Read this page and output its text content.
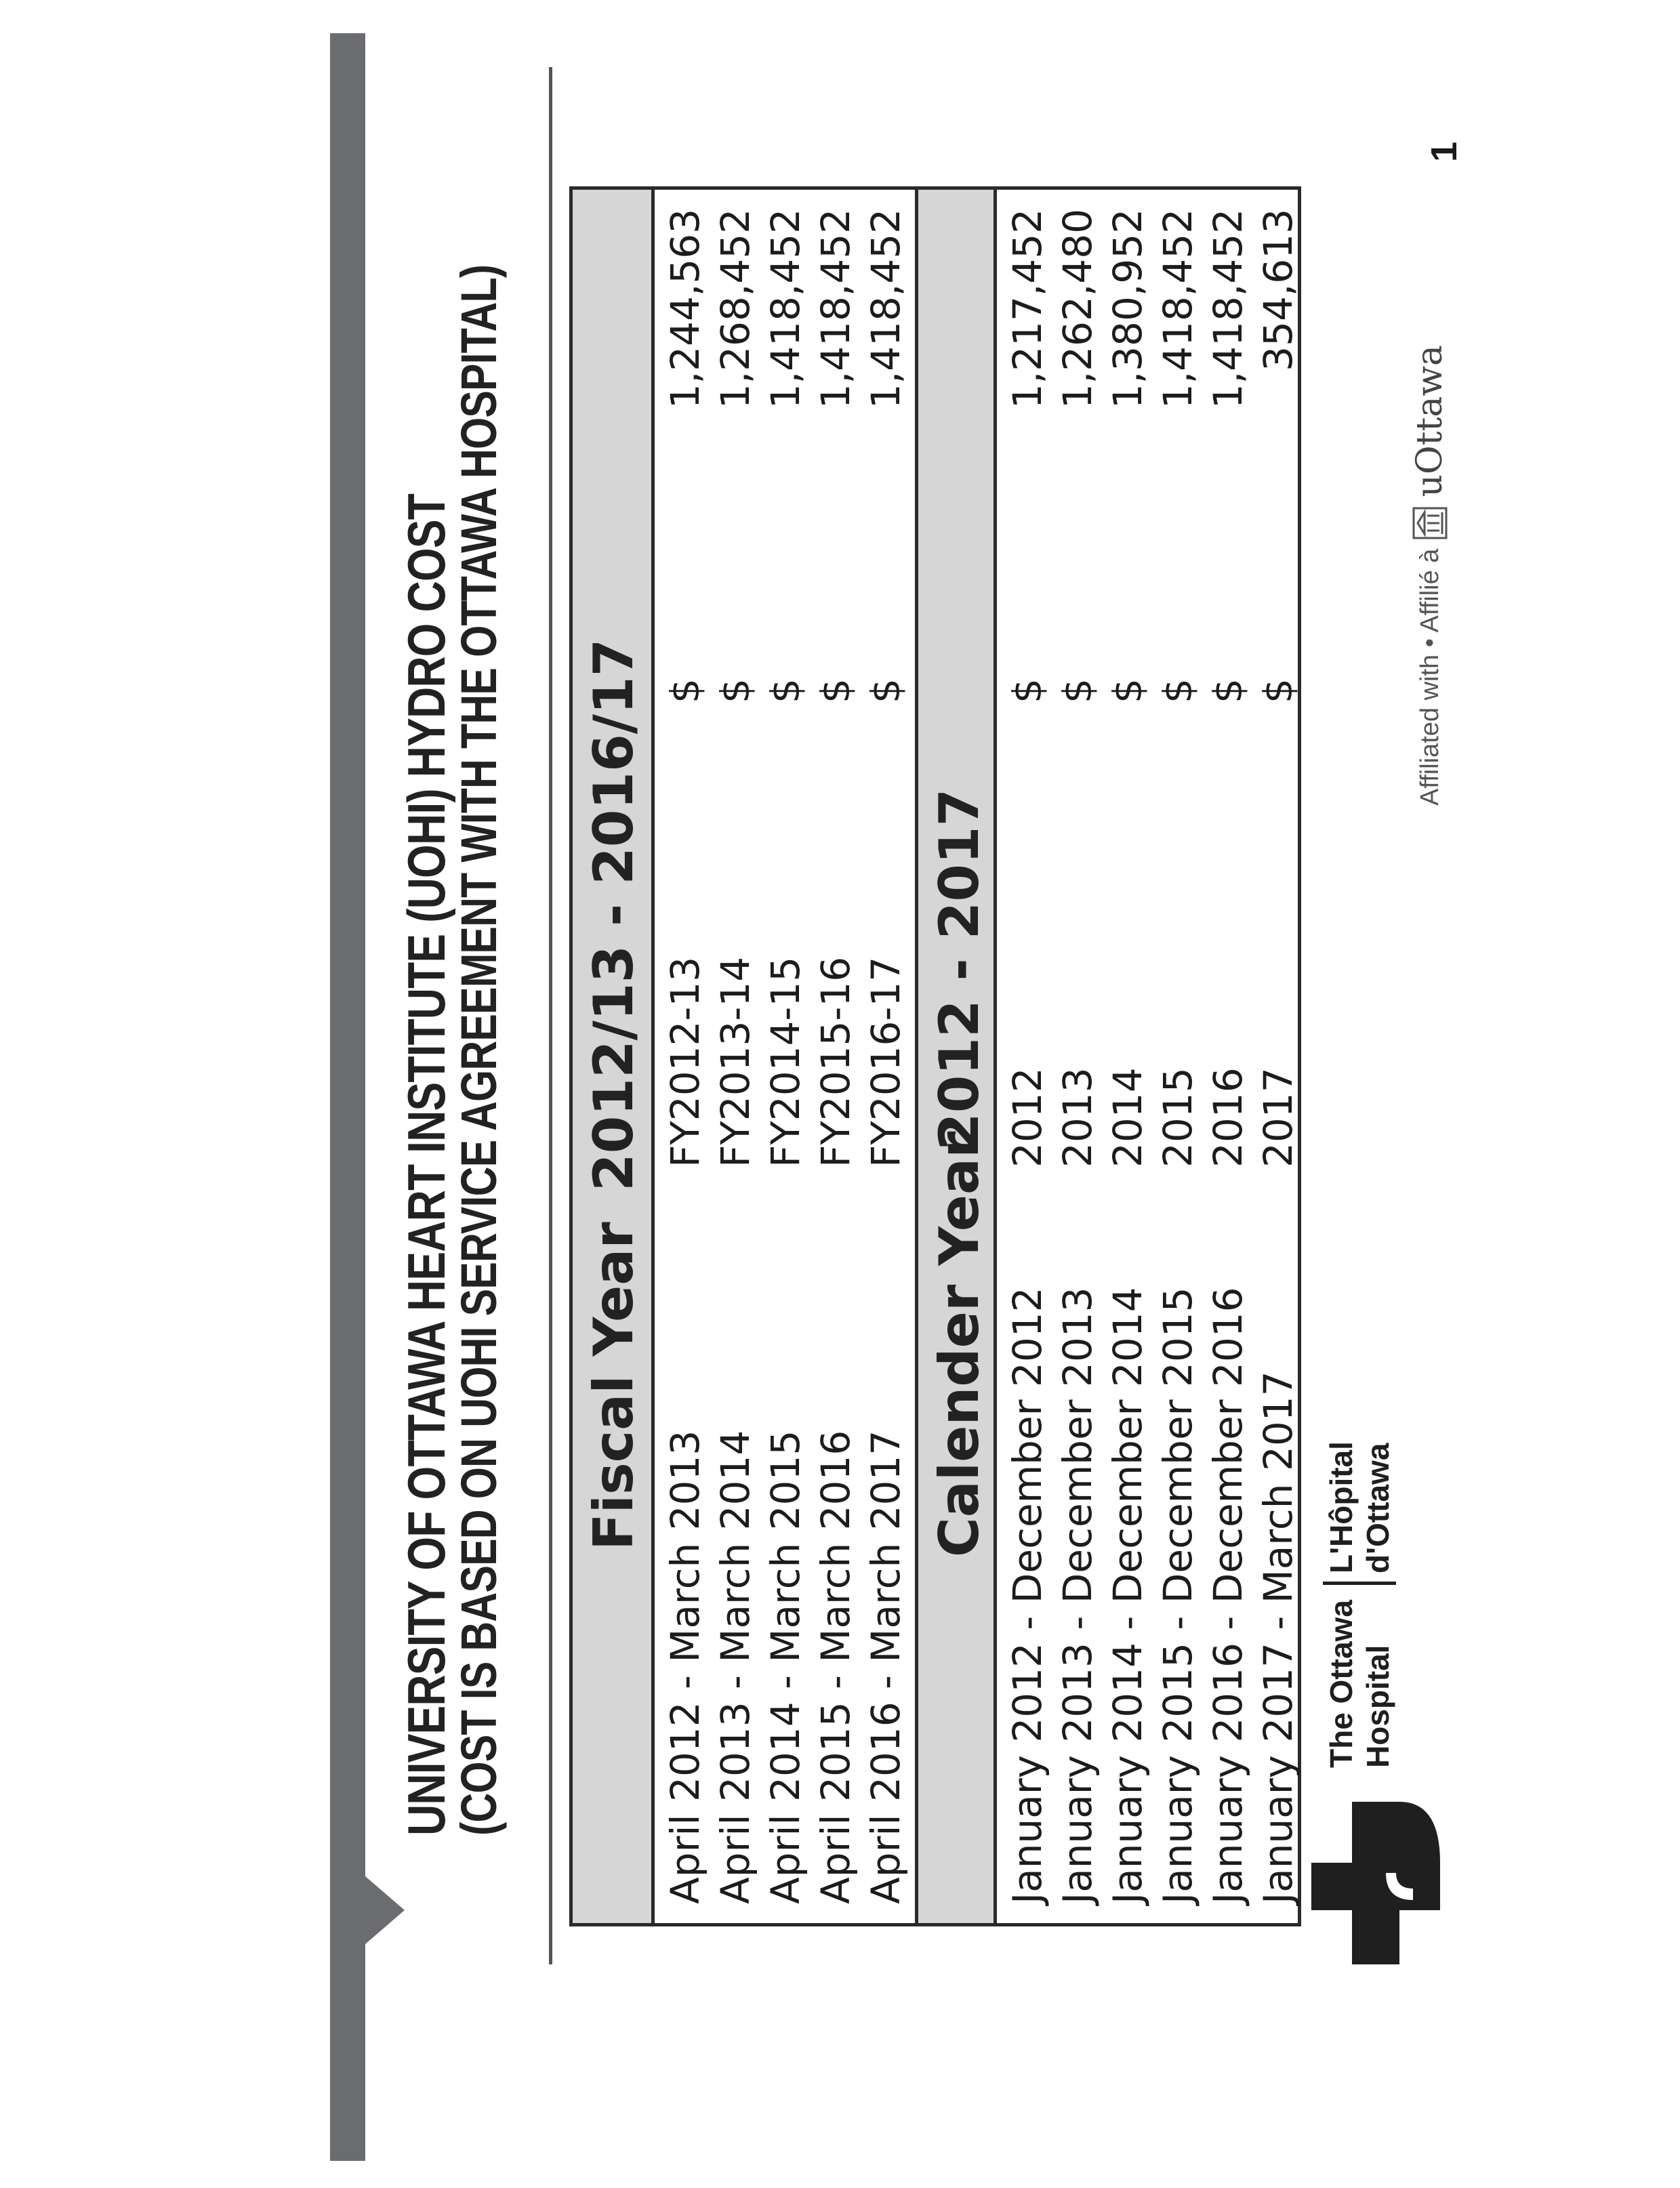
UNIVERSITY OF OTTAWA HEART INSTITUTE (UOHI) HYDRO COST
(COST IS BASED ON UOHI SERVICE AGREEMENT WITH THE OTTAWA HOSPITAL) Fiscal Year
2012/13 - 2016/17
April 2012 - March 2013
FY2012-13
$
1,244,563
April 2013 - March 2014
FY2013-14
$
1,268,452
April 2014 - March 2015
FY2014-15
$
1,418,452
April 2015 - March 2016
FY2015-16
$
1,418,452
April 2016 - March 2017
FY2016-17
$
1,418,452
Calender Year
2012 - 2017
January 2012 - December 2012
2012
$
1,217,452
January 2013 - December 2013
2013
$
1,262,480
January 2014 - December 2014
2014
$
1,380,952
January 2015 - December 2015
2015
$
1,418,452
January 2016 - December 2016
2016
$
1,418,452
January 2017 - March 2017
2017
$
354,613
The Ottawa Hospital
L'Hôpital d'Ottawa
Affiliated with • Affilié à
uOttawa
1
